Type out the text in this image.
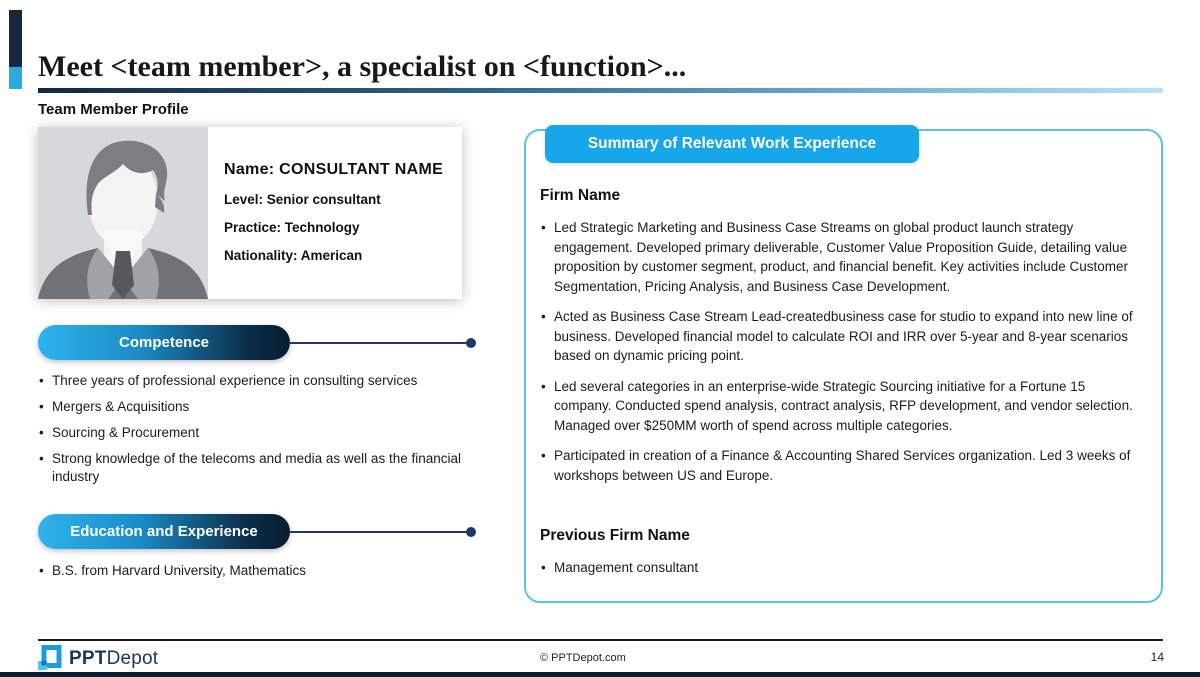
Meet <team member>, a specialist on <function>...
Team Member Profile
Name: CONSULTANT NAME
Level: Senior consultant
Practice: Technology
Nationality: American
Competence
• Three years of professional experience in consulting services
• Mergers & Acquisitions
• Sourcing & Procurement
• Strong knowledge of the telecoms and media as well as the financial industry
Education and Experience
• B.S. from Harvard University, Mathematics
Summary of Relevant Work Experience
Firm Name
• Led Strategic Marketing and Business Case Streams on global product launch strategy engagement. Developed primary deliverable, Customer Value Proposition Guide, detailing value proposition by customer segment, product, and financial benefit. Key activities include Customer Segmentation, Pricing Analysis, and Business Case Development.
• Acted as Business Case Stream Lead-createdbusiness case for studio to expand into new line of business. Developed financial model to calculate ROI and IRR over 5-year and 8-year scenarios based on dynamic pricing point.
• Led several categories in an enterprise-wide Strategic Sourcing initiative for a Fortune 15 company. Conducted spend analysis, contract analysis, RFP development, and vendor selection. Managed over $250MM worth of spend across multiple categories.
• Participated in creation of a Finance & Accounting Shared Services organization. Led 3 weeks of workshops between US and Europe.
Previous Firm Name
• Management consultant
PPTDepot	© PPTDepot.com	14
